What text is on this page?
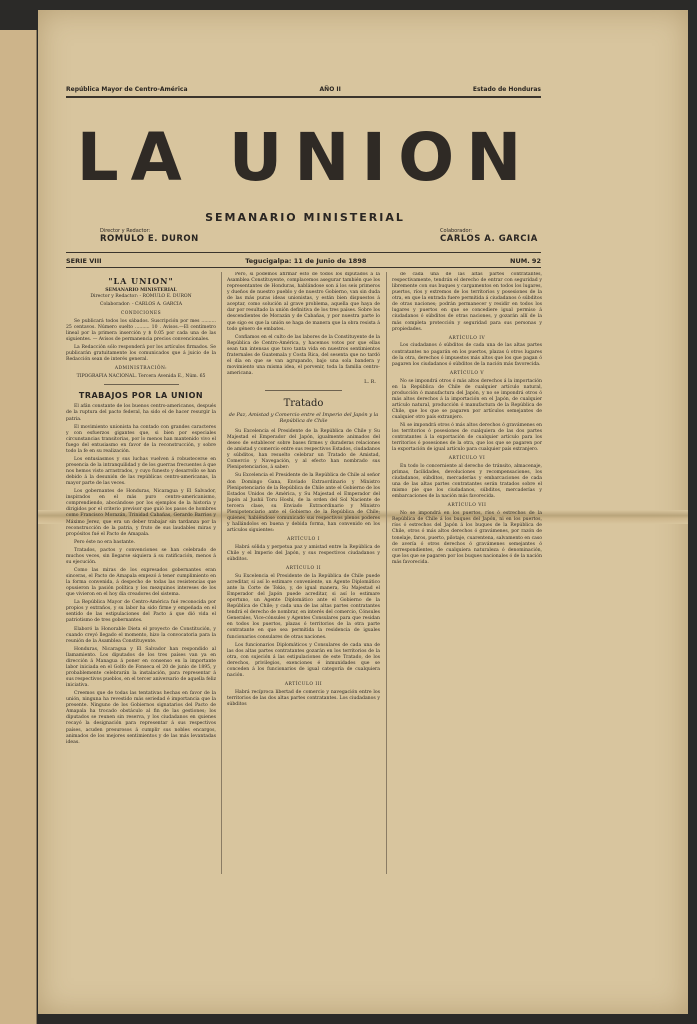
República Mayor de Centro-América	AÑO II	Estado de Honduras
LA UNION
SEMANARIO MINISTERIAL
Director y Redactor:
ROMULO E. DURON
Colaborador:
CARLOS A. GARCIA
SERIE VIII	Tegucigalpa: 11 de Junio de 1898	NUM. 92
"LA UNION"
SEMANARIO MINISTERIAL

Director y Redactor: - ROMULO E. DURON

Colaborador: - CARLOS A. GARCIA

CONDICIONES

Se publicará todos los sábados. Suscripción por mes .......... 25 centavos. Número suelto .......... 10 . Avisos.—El centímetro lineal por la primera inserción y $ 0.05 por cada una de las siguientes. — Avisos de permanencia precios convencionales.

La Redacción sólo responderá por los artículos firmados. Se publicarán gratuitamente los comunicados que á juicio de la Redacción sean de interés general.

ADMINISTRACIÓN:

TIPOGRAFIA NACIONAL. Tercera Avenida E., Núm. 65

TRABAJOS POR LA UNION

El afán constante de los buenos centro-americanos, después de la ruptura del pacto federal, ha sido el de hacer resurgir la patria.

El movimiento unionista ha contado con grandes caracteres y con esfuerzos gigantes que, si bien por especiales circunstancias transitorias, por lo menos han mantenido vivo el fuego del entusiasmo en favor de la reconstrucción, y sobre todo la fe en su realización.

Los entusiasmos y sus luchas vuelven á robustecerse en presencia de la intranquilidad y de los guerras frecuentes á que nos hemos visto arrastrados, y cuyo funesto y desarrollo se han debido á la desunión de las repúblicas centro-americanas, la mayor parte de las veces.

Los gobernantes de Honduras, Nicaragua y El Salvador, inspirados en el más puro centro-americanismo, comprendiendo, abocándose por los ejemplos de la historia y dirigidos por el criterio previsor que guió los pasos de hombres como Francisco Morazán, Trinidad Cabañas, Gerardo Barrios y Máximo Jerez, que era un deber trabajar sin tardanza por la reconstrucción de la patria, y fruto de sus laudables miras y propósitos fué el Pacto de Amapala.

Pero éste no era bastante.

Tratados, pactos y convenciones se han celebrado de muchos veces, sin llegarse siquiera á su ratificación, menos á su ejecución.

Como las miras de los expresados gobernantes eran sinceras, el Pacto de Amapala empezó á tener cumplimiento en la forma convenida, á despecho de todas las resistencias que opusieron la pasión política y los mezquinos intereses de los que vivieron en el hoy día creadores del sistema.

La República Mayor de Centro-América fué reconocida por propios y extraños, y su labor ha sido firme y empeñada en el sentido de las estipulaciones del Pacto á que dió vida el patriotismo de tres gobernantes.

Elaboró la Honorable Dieta el proyecto de Constitución, y cuando creyó llegado el momento, hizo la convocatoria para la reunión de la Asamblea Constituyente.

Honduras, Nicaragua y El Salvador han respondido al llamamiento. Los diputados de los tres países van ya en dirección á Managua á poner en consenso en la importante labor iniciada en el Golfo de Fonseca el 20 de junio de 1895, y probablemente celebrarán la instalación, para representar á sus respectivos pueblos, en el tercer aniversario de aquella feliz iniciativa.

Creemos que de todas las tentativas hechas en favor de la unión, ninguna ha revestido más seriedad é importancia que la presente. Ninguno de los Gobiernos signatarios del Pacto de Amapala ha trocado obstáculo al fin de las gestiones; los diputados se reunen sin reserva, y los ciudadanos en quienes recayó la designación para representar á sus respectivos países, acuden presurosos á cumplir sus nobles encargos, animados de los mejores sentimientos y de las más levantadas ideas.

Pero, si podemos afirmar esto de todos los diputados á la Asamblea Constituyente, complacemos asegurar también que los representantes de Honduras, hablándose son á los seis primeros y dueños de nuestro pueblo y de nuestro Gobierno, van sin duda de las más puras ideas unionistas, y están bien dispuestos á aceptar, como solución al grave problema, aquella que haya de dar por resultado la unión definitiva de los tres países. Sobre los descendientes de Morazán y de Cabañas, y por nuestra parte lo que sigo es que la unión se haga de manera que la obra resista á todo género de embates.

Confiamos en el culto de las labores de la Constituyente de la República de Centro-América, y hacemos votos por que ellas sean tan intensas que tuvo tanta vida en nuestros sentimientos fraternales de Guatemala y Costa Rica, del sesenta que no tardó el día en que se van agrupando, bajo una sola bandera y movimiento una misma idea, el porvenir, toda la familia centro-americana.

L. R.
Tratado
de Paz, Amistad y Comercio entre el Imperio del Japón y la República de Chile

Su Excelencia el Presidente de la República de Chile y Su Majestad el Emperador del Japón, igualmente animados del deseo de establecer sobre bases firmes y duraderas relaciones de amistad y comercio entre sus respectivos Estados, ciudadanos y súbditos, han resuelto celebrar un Tratado de Amistad, Comercio y Navegación, y al efecto han nombrado sus Plenipotenciarios, á saber:

Su Excelencia el Presidente de la República de Chile al señor don Domingo Gana, Enviado Extraordinario y Ministro Plenipotenciario de la República de Chile ante el Gobierno de los Estados Unidos de América, y Su Majestad el Emperador del Japón al Jushii Toru Hoshi, de la orden del Sol Naciente de tercera clase, su Enviado Extraordinario y Ministro Plenipotenciario ante el Gobierno de la República de Chile; quienes, habiéndose comunicado sus respectivos plenos poderes y hallándolos en buena y debida forma, han convenido en los artículos siguientes:

ARTÍCULO I

Habrá sólida y perpetua paz y amistad entre la República de Chile y el Imperio del Japón, y sus respectivos ciudadanos y súbditos.

ARTÍCULO II

Su Excelencia el Presidente de la República de Chile puede acreditar, si así lo estimare conveniente, un Agente Diplomático ante la Corte de Tokio, y, de igual manera, Su Majestad el Emperador del Japón puede acreditar, si así lo estimare oportuno, un Agente Diplomático ante el Gobierno de la República de Chile; y cada una de las altas partes contratantes tendrá el derecho de nombrar, en interés del comercio, Cónsules Generales, Vice-cónsules y Agentes Consulares para que residan en todos los puertos, plazas ó territorios de la otra parte contratante en que sea permitida la residencia de iguales funcionarios consulares de otras naciones.

Los funcionarios Diplomáticos y Consulares de cada una de las dos altas partes contratantes gozarán en los territorios de la otra, con sujeción á las estipulaciones de este Tratado, de los derechos, privilegios, exenciones é inmunidades que se conceden á los funcionarios de igual categoría de cualquiera nación.

ARTÍCULO III

Habrá recíproca libertad de comercio y navegación entre los territorios de las dos altas partes contratantes. Los ciudadanos y súbditos

de cada una de las altas partes contratantes, respectivamente, tendrán el derecho de entrar con seguridad y libremente con sus buques y cargamentos en todos los lugares, puertos, ríos y extremos de los territorios y posesiones de la otra, en que la entrada fuere permitida á ciudadanos ó súbditos de otras naciones; podrán permanecer y residir en todos los lugares y puertos en que se concediere igual permiso á ciudadanos ó súbditos de otras naciones, y gozarán allí de la más completa protección y seguridad para sus personas y propiedades.

ARTÍCULO IV

Los ciudadanos ó súbditos de cada una de las altas partes contratantes no pagarán en los puertos, plazas ú otros lugares de la otra, derechos ó impuestos más altos que los que pagan ó pagaren los ciudadanos ó súbditos de la nación más favorecida.

ARTÍCULO V

No se impondrá otros ó más altos derechos á la importación en la República de Chile de cualquier artículo natural, producción ó manufactura del Japón, y no se impondrá otros ó más altos derechos á la importación en el Japón, de cualquier artículo natural, producción ó manufactura de la República de Chile, que los que se pagaren por artículos semejantes de cualquier otro país extranjero.

Ni se impondrá otros ó más altos derechos ó gravámenes en los territorios ó posesiones de cualquiera de las dos partes contratantes á la exportación de cualquier artículo para los territorios ó posesiones de la otra, que los que se pagaren por la exportación de igual artículo para cualquier país extranjero.

ARTÍCULO VI

En todo lo concerniente al derecho de tránsito, almacenaje, primas, facilidades, devoluciones y recompensaciones, los ciudadanos, súbditos, mercaderías y embarcaciones de cada una de las altas partes contratantes serán tratados sobre el mismo pie que los ciudadanos, súbditos, mercaderías y embarcaciones de la nación más favorecida.

ARTÍCULO VII

No se impondrá en los puertos, ríos ó estrechos de la República de Chile á los buques del Japón, ni en los puertos, ríos ó estrechos del Japón á los buques de la República de Chile, otros ó más altos derechos ó gravámenes, por razón de tonelaje, faros, puerto, pilotaje, cuarentena, salvamento en caso de avería ó otros derechos ó gravámenes semejantes ó correspondientes, de cualquiera naturaleza ó denominación, que los que se pagaren por los buques nacionales ó de la nación más favorecida.
